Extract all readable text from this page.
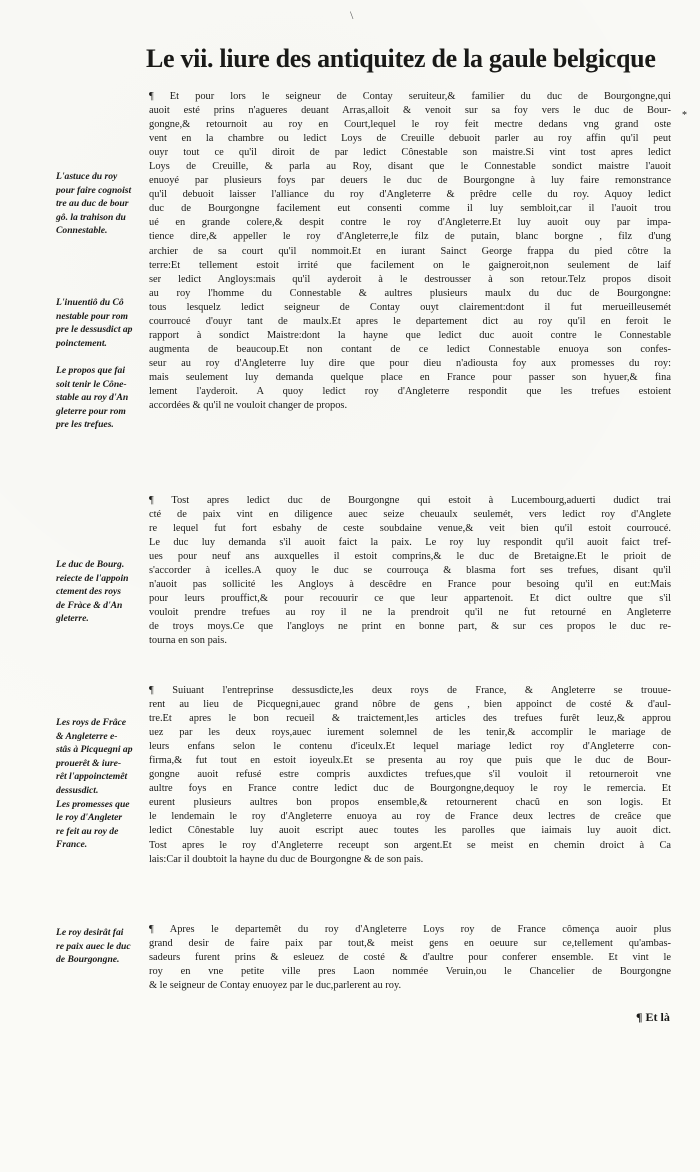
\
Le vii. liure des antiquitez de la gaule belgicque
*
¶ Et pour lors le seigneur de Contay seruiteur,& familier du duc de Bourgongne,qui
auoit esté prins n'agueres deuant Arras,alloit & venoit sur sa foy vers le duc de Bour-
gongne,& retournoit au roy en Court,lequel le roy feit mectre dedans vng grand oste
vent en la chambre ou ledict Loys de Creuille debuoit parler au roy affin qu'il peut
ouyr tout ce qu'il diroit de par ledict Cônestable son maistre.Si vint tost apres ledict
Loys de Creuille, & parla au Roy, disant que le Connestable sondict maistre l'auoit
enuoyé par plusieurs foys par deuers le duc de Bourgongne à luy faire remonstrance
qu'il debuoit laisser l'alliance du roy d'Angleterre & prêdre celle du roy. Aquoy ledict
duc de Bourgongne facilement eut consenti comme il luy sembloit,car il l'auoit trou
ué en grande colere,& despit contre le roy d'Angleterre.Et luy auoit ouy par impa-
tience dire,& appeller le roy d'Angleterre,le filz de putain, blanc borgne , filz d'ung
archier de sa court qu'il nommoit.Et en iurant Sainct George frappa du pied côtre la
terre:Et tellement estoit irrité que facilement on le gaigneroit,non seulement de laif
ser ledict Angloys:mais qu'il ayderoit à le destrousser à son retour.Telz propos disoit
au roy l'homme du Connestable & aultres plusieurs maulx du duc de Bourgongne:
tous lesquelz ledict seigneur de Contay ouyt clairement:dont il fut merueilleusemét
courroucé d'ouyr tant de maulx.Et apres le departement dict au roy qu'il en feroit le
rapport à sondict Maistre:dont la hayne que ledict duc auoit contre le Connestable
augmenta de beaucoup.Et non contant de ce ledict Connestable enuoya son confes-
seur au roy d'Angleterre luy dire que pour dieu n'adiousta foy aux promesses du roy:
mais seulement luy demanda quelque place en France pour passer son hyuer,& fina
lement l'ayderoit. A quoy ledict roy d'Angleterre respondit que les trefues estoient
accordées & qu'il ne vouloit changer de propos.
¶ Tost apres ledict duc de Bourgongne qui estoit à Lucembourg,aduerti dudict trai
cté de paix vint en diligence auec seize cheuaulx seulemét, vers ledict roy d'Anglete
re lequel fut fort esbahy de ceste soubdaine venue,& veit bien qu'il estoit courroucé.
Le duc luy demanda s'il auoit faict la paix. Le roy luy respondit qu'il auoit faict tref-
ues pour neuf ans auxquelles il estoit comprins,& le duc de Bretaigne.Et le prioit de
s'accorder à icelles.A quoy le duc se courrouça & blasma fort ses trefues, disant qu'il
n'auoit pas sollicité les Angloys à descêdre en France pour besoing qu'il en eut:Mais
pour leurs prouffict,& pour recouurir ce que leur appartenoit. Et dict oultre que s'il
vouloit prendre trefues au roy il ne la prendroit qu'il ne fut retourné en Angleterre
de troys moys.Ce que l'angloys ne print en bonne part, & sur ces propos le duc re-
tourna en son pais.
¶ Suiuant l'entreprinse dessusdicte,les deux roys de France, & Angleterre se trouue-
rent au lieu de Picquegni,auec grand nôbre de gens , bien appoinct de costé & d'aul-
tre.Et apres le bon recueil & traictement,les articles des trefues furêt leuz,& approu
uez par les deux roys,auec iurement solemnel de les tenir,& accomplir le mariage de
leurs enfans selon le contenu d'iceulx.Et lequel mariage ledict roy d'Angleterre con-
firma,& fut tout en estoit ioyeulx.Et se presenta au roy que puis que le duc de Bour-
gongne auoit refusé estre compris auxdictes trefues,que s'il vouloit il retourneroit vne
aultre foys en France contre ledict duc de Bourgongne,dequoy le roy le remercia. Et
eurent plusieurs aultres bon propos ensemble,& retournerent chacû en son logis. Et
le lendemain le roy d'Angleterre enuoya au roy de France deux lectres de creâce que
ledict Cônestable luy auoit escript auec toutes les parolles que iaimais luy auoit dict.
Tost apres le roy d'Angleterre receupt son argent.Et se meist en chemin droict à Ca
lais:Car il doubtoit la hayne du duc de Bourgongne & de son pais.
¶ Apres le departemêt du roy d'Angleterre Loys roy de France cômença auoir plus
grand desir de faire paix par tout,& meist gens en oeuure sur ce,tellement qu'ambas-
sadeurs furent prins & esleuez de costé & d'aultre pour conferer ensemble. Et vint le
roy en vne petite ville pres Laon nommée Veruin,ou le Chancelier de Bourgongne
& le seigneur de Contay enuoyez par le duc,parlerent au roy.
L'astuce du roy
pour faire cognoist
tre au duc de bour
gô. la trahison du
Connestable.
L'inuentiô du Cô
nestable pour rom
pre le dessusdict ap
poinctement.
Le propos que fai
soit tenir le Cône-
stable au roy d'An
gleterre pour rom
pre les trefues.
Le duc de Bourg.
reiecte de l'appoin
ctement des roys
de Fràce & d'An
gleterre.
Les roys de Frâce
& Angleterre e-
stâs à Picquegni ap
prouerêt & iure-
rêt l'appoinctemêt
dessusdict.
Les promesses que
le roy d'Angleter
re feit au roy de
France.
Le roy desirât fai
re paix auec le duc
de Bourgongne.
¶ Et là
